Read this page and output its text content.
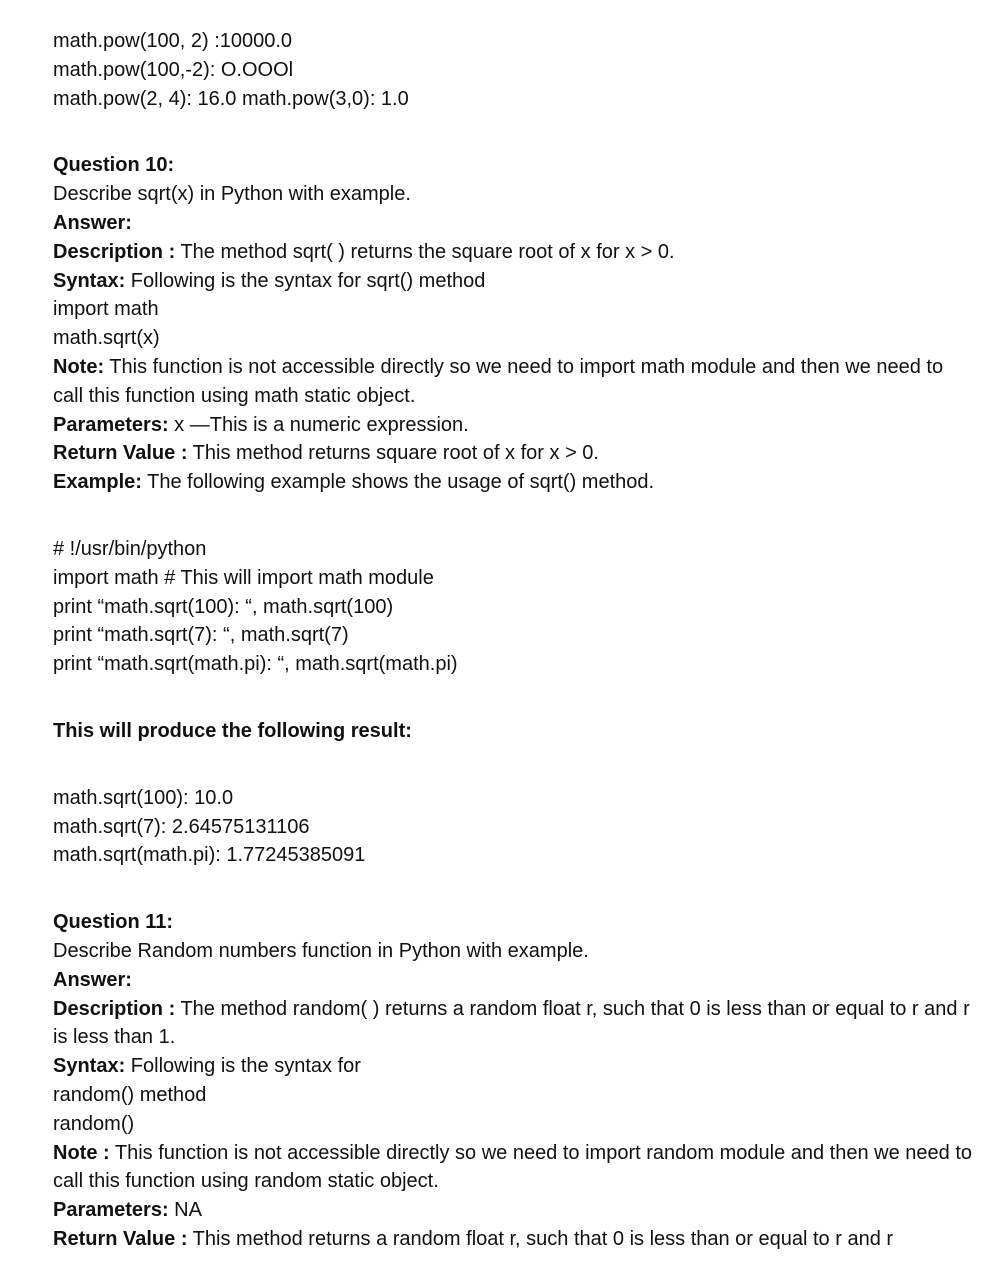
math.pow(100, 2) :10000.0
math.pow(100,-2): O.OOOl
math.pow(2, 4): 16.0 math.pow(3,0): 1.0
Question 10:
Describe sqrt(x) in Python with example.
Answer:
Description : The method sqrt( ) returns the square root of x for x > 0.
Syntax: Following is the syntax for sqrt() method
import math
math.sqrt(x)
Note: This function is not accessible directly so we need to import math module and then we need to call this function using math static object.
Parameters: x —This is a numeric expression.
Return Value : This method returns square root of x for x > 0.
Example: The following example shows the usage of sqrt() method.
# !/usr/bin/python
import math # This will import math module
print “math.sqrt(100): “, math.sqrt(100)
print “math.sqrt(7): “, math.sqrt(7)
print “math.sqrt(math.pi): “, math.sqrt(math.pi)
This will produce the following result:
math.sqrt(100): 10.0
math.sqrt(7): 2.64575131106
math.sqrt(math.pi): 1.77245385091
Question 11:
Describe Random numbers function in Python with example.
Answer:
Description : The method random( ) returns a random float r, such that 0 is less than or equal to r and r is less than 1.
Syntax: Following is the syntax for
random() method
random()
Note : This function is not accessible directly so we need to import random module and then we need to call this function using random static object.
Parameters: NA
Return Value : This method returns a random float r, such that 0 is less than or equal to r and r
